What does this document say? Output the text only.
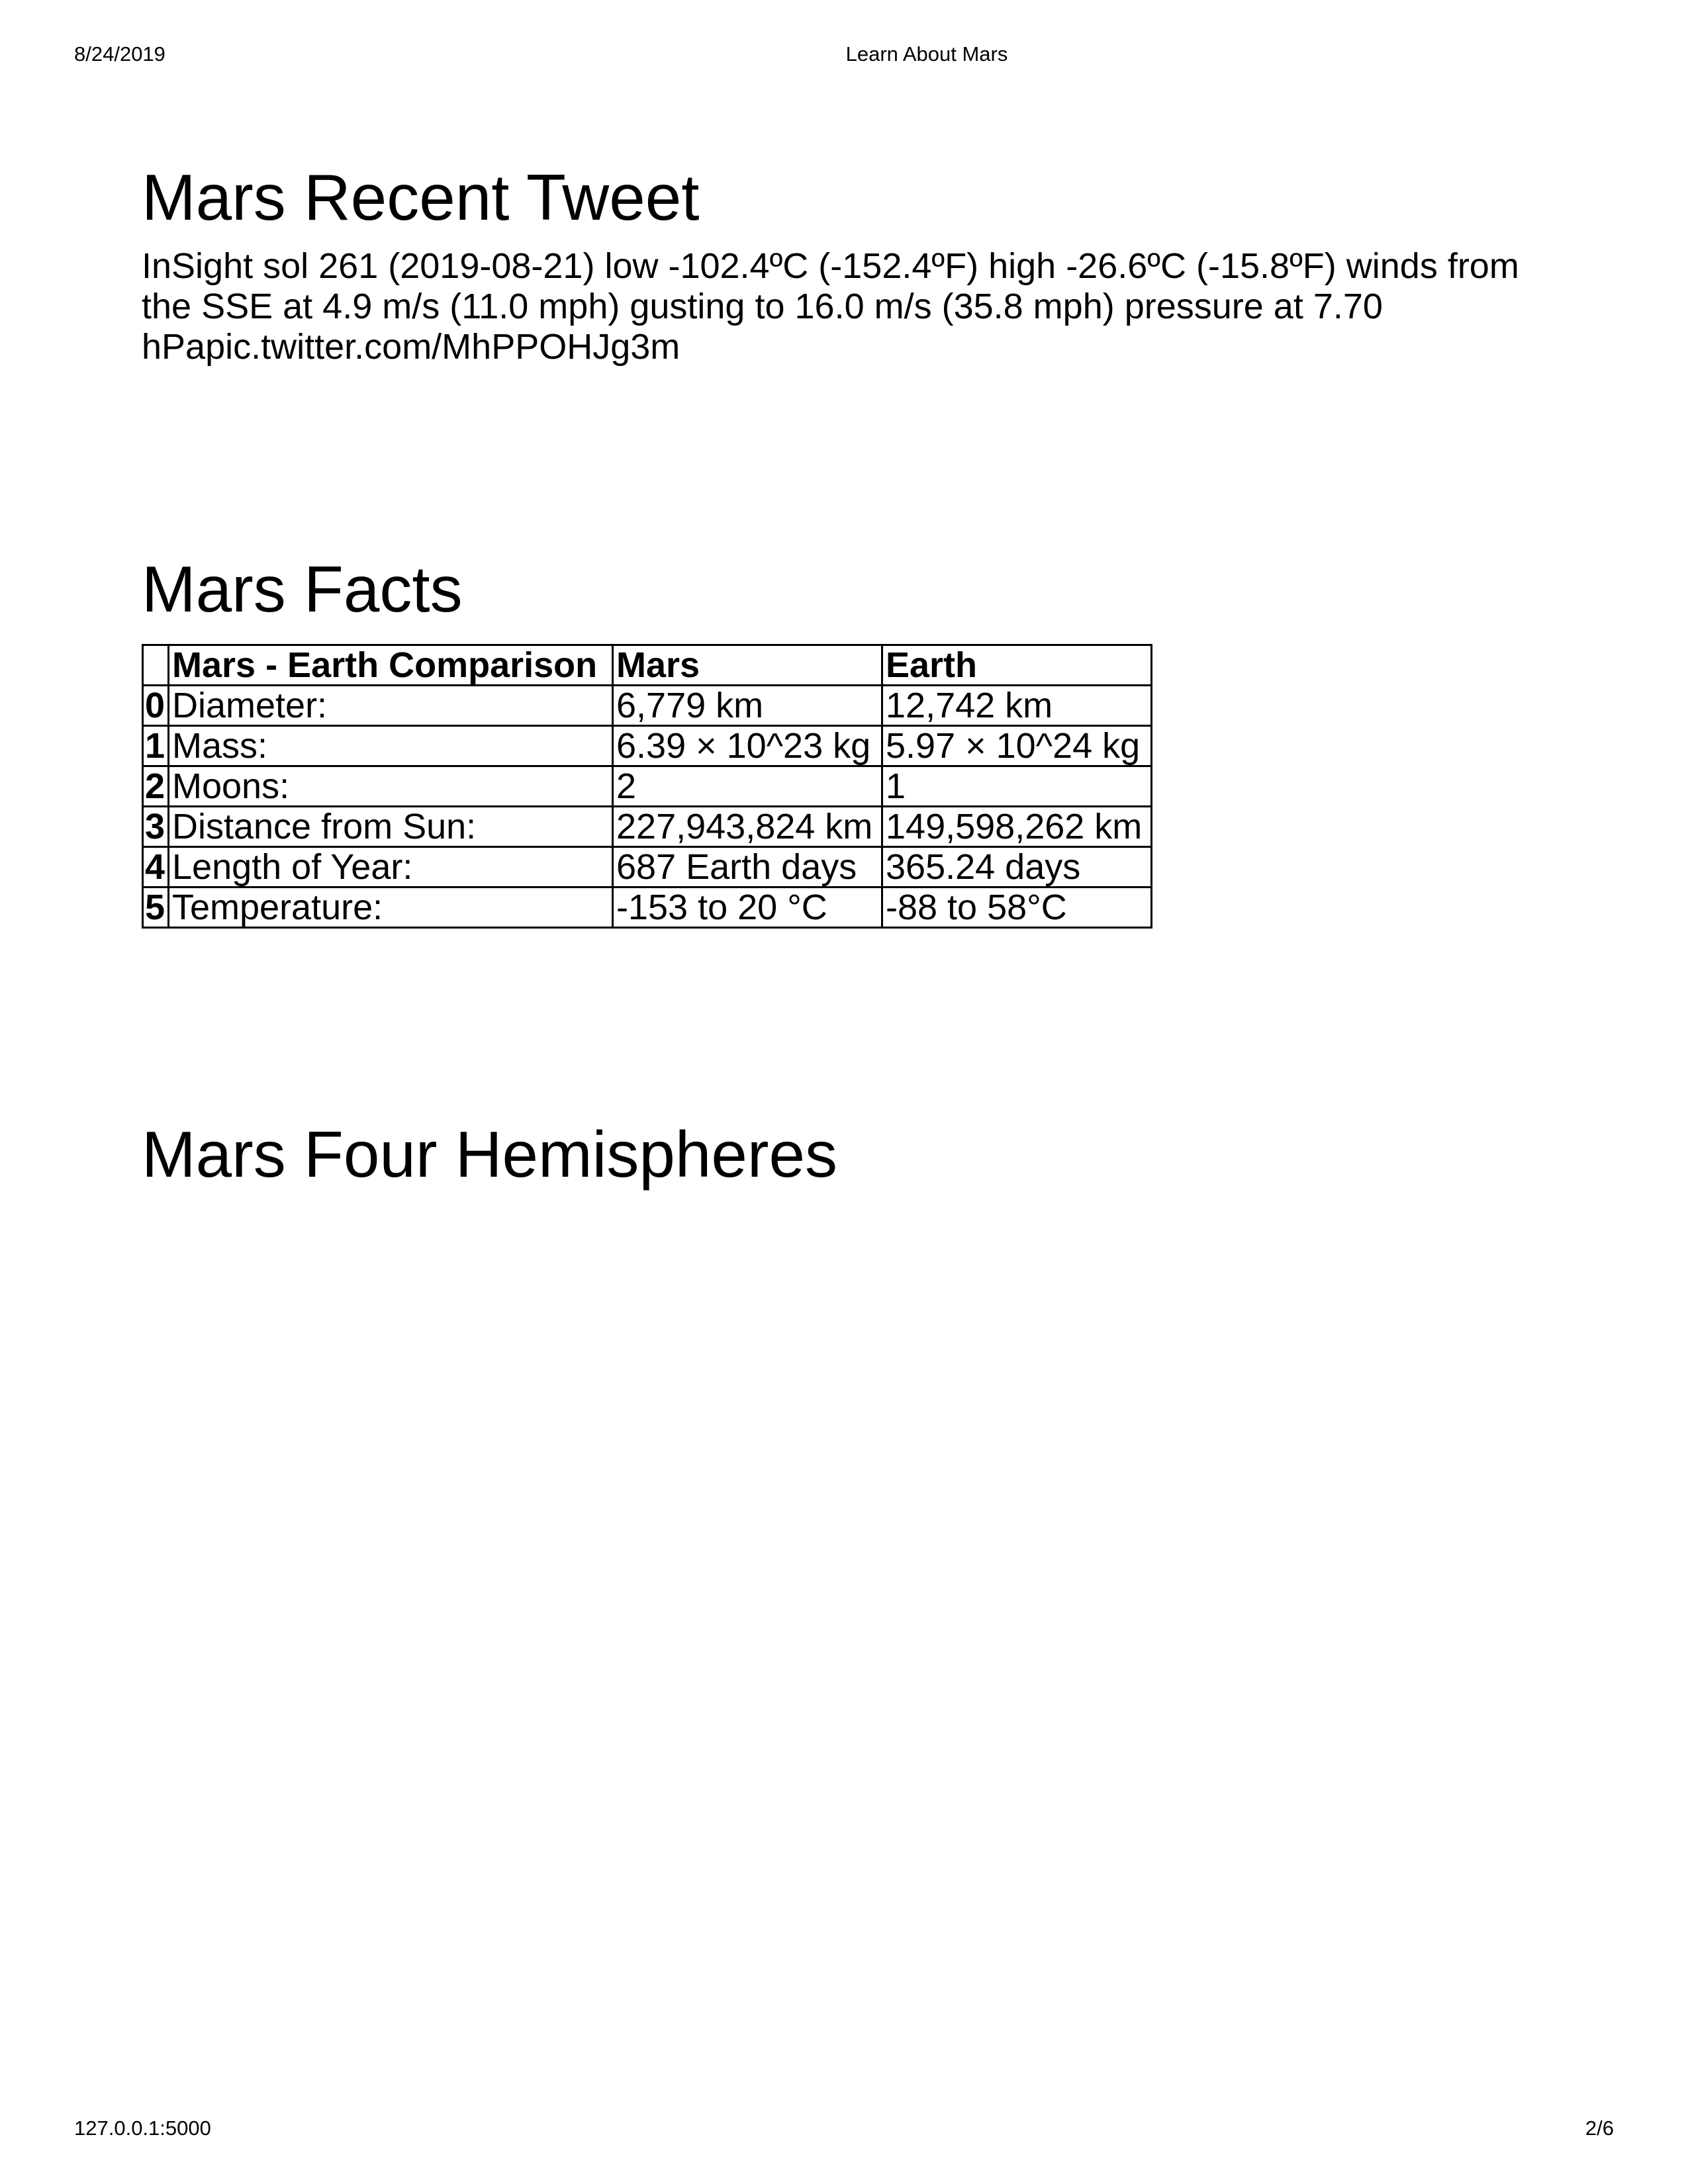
8/24/2019	Learn About Mars
Mars Recent Tweet
InSight sol 261 (2019-08-21) low -102.4ºC (-152.4ºF) high -26.6ºC (-15.8ºF) winds from the SSE at 4.9 m/s (11.0 mph) gusting to 16.0 m/s (35.8 mph) pressure at 7.70 hPapic.twitter.com/MhPPOHJg3m
Mars Facts
	Mars - Earth Comparison	Mars	Earth
0	Diameter:	6,779 km	12,742 km
1	Mass:	6.39 × 10^23 kg	5.97 × 10^24 kg
2	Moons:	2	1
3	Distance from Sun:	227,943,824 km	149,598,262 km
4	Length of Year:	687 Earth days	365.24 days
5	Temperature:	-153 to 20 °C	-88 to 58°C
Mars Four Hemispheres
127.0.0.1:5000	2/6
